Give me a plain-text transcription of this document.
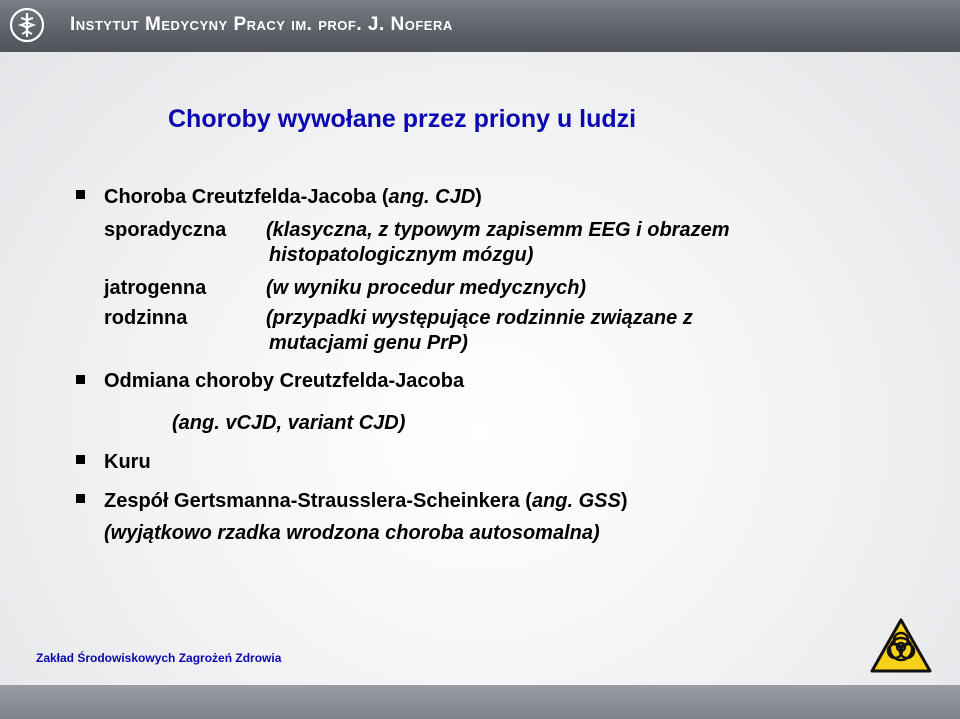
Instytut Medycyny Pracy im. prof. J. Nofera
Choroby wywołane przez priony u ludzi
Choroba Creutzfelda-Jacoba (ang. CJD)
sporadyczna (klasyczna, z typowym zapisemm EEG i obrazem
histopatologicznym mózgu)
jatrogenna	(w wyniku procedur medycznych)
rodzinna	(przypadki występujące rodzinnie związane z
mutacjami genu PrP)
Odmiana choroby Creutzfelda-Jacoba
(ang. vCJD, variant CJD)
Kuru
Zespół Gertsmanna-Strausslera-Scheinkera (ang. GSS)
(wyjątkowo rzadka wrodzona choroba autosomalna)
Zakład Środowiskowych Zagrożeń Zdrowia
